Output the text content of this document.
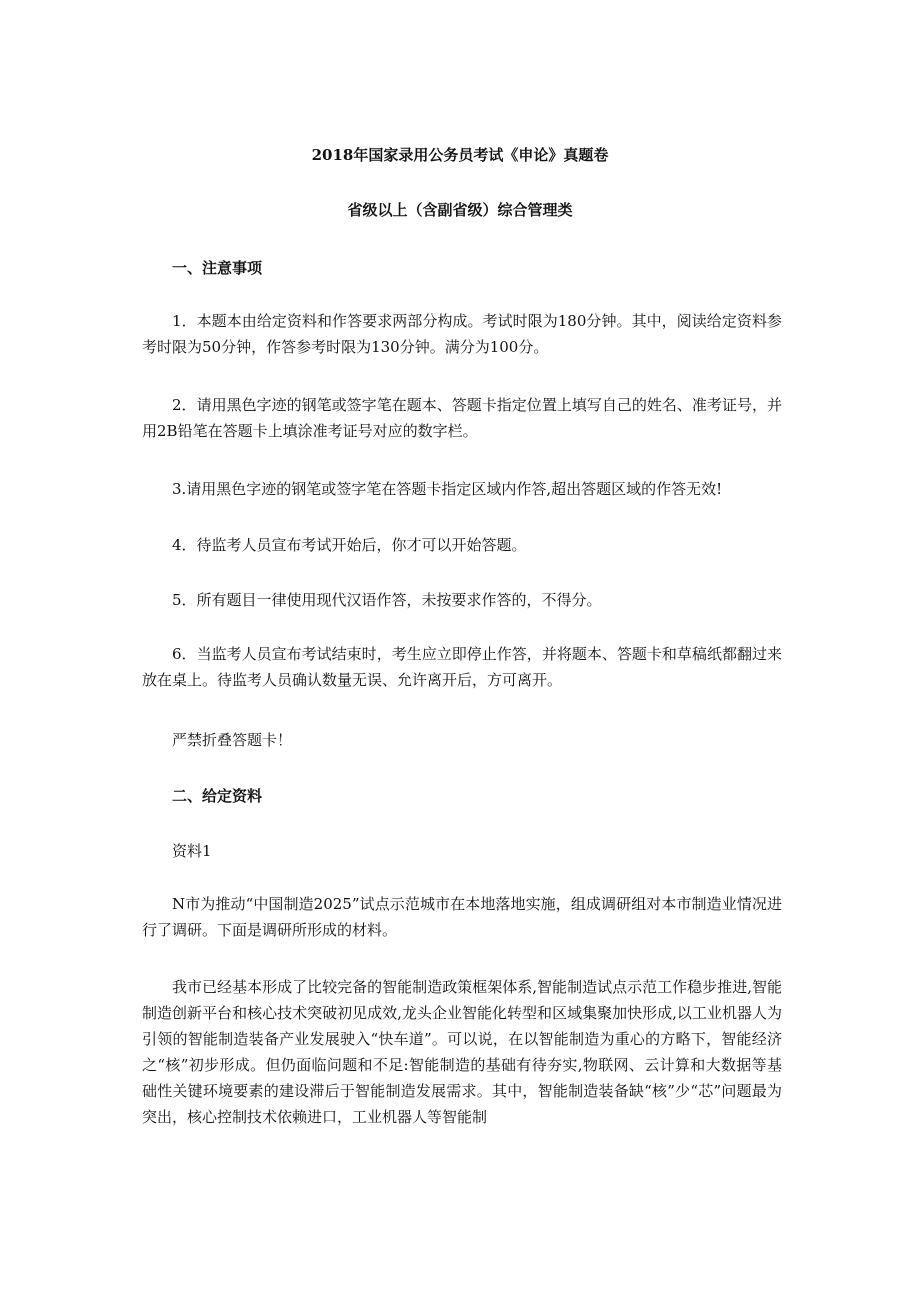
2018年国家录用公务员考试《申论》真题卷
省级以上（含副省级）综合管理类
一、注意事项

1．本题本由给定资料和作答要求两部分构成。考试时限为180分钟。其中，阅读给定资料参考时限为50分钟，作答参考时限为130分钟。满分为100分。

2．请用黑色字迹的钢笔或签字笔在题本、答题卡指定位置上填写自己的姓名、准考证号，并用2B铅笔在答题卡上填涂准考证号对应的数字栏。

3.请用黑色字迹的钢笔或签字笔在答题卡指定区域内作答,超出答题区域的作答无效!

4．待监考人员宣布考试开始后，你才可以开始答题。

5．所有题目一律使用现代汉语作答，未按要求作答的，不得分。

6．当监考人员宣布考试结束时，考生应立即停止作答，并将题本、答题卡和草稿纸都翻过来放在桌上。待监考人员确认数量无误、允许离开后，方可离开。

严禁折叠答题卡！

二、给定资料

资料1

N市为推动“中国制造2025”试点示范城市在本地落地实施，组成调研组对本市制造业情况进行了调研。下面是调研所形成的材料。

我市已经基本形成了比较完备的智能制造政策框架体系,智能制造试点示范工作稳步推进,智能制造创新平台和核心技术突破初见成效,龙头企业智能化转型和区域集聚加快形成,以工业机器人为引领的智能制造装备产业发展驶入“快车道”。可以说，在以智能制造为重心的方略下，智能经济之“核”初步形成。但仍面临问题和不足:智能制造的基础有待夯实,物联网、云计算和大数据等基础性关键环境要素的建设滞后于智能制造发展需求。其中，智能制造装备缺“核”少“芯”问题最为突出，核心控制技术依赖进口，工业机器人等智能制
